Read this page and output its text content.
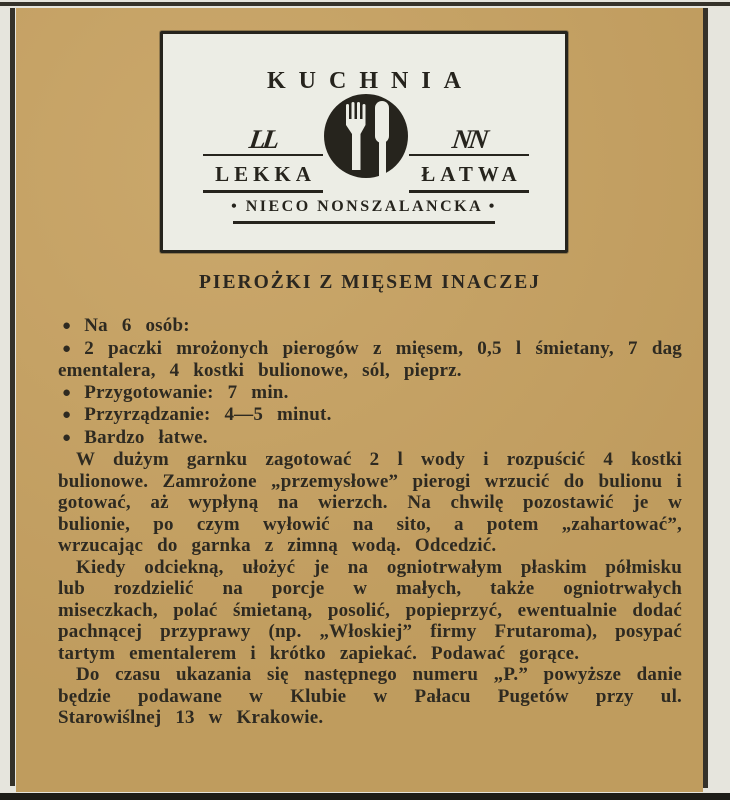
KUCHNIA
LL
LEKKA
NN
ŁATWA
• NIECO NONSZALANCKA •
PIEROŻKI Z MIĘSEM INACZEJ

● Na 6 osób:

● 2 paczki mrożonych pierogów z mięsem, 0,5 l śmietany, 7 dag ementalera, 4 kostki bulionowe, sól, pieprz.

● Przygotowanie: 7 min.

● Przyrządzanie: 4—5 minut.

● Bardzo łatwe.

W dużym garnku zagotować 2 l wody i rozpuścić 4 kostki bulionowe. Zamrożone „przemysłowe” pierogi wrzucić do bulionu i gotować, aż wypłyną na wierzch. Na chwilę pozostawić je w bulionie, po czym wyłowić na sito, a potem „zahartować”, wrzucając do garnka z zimną wodą. Odcedzić.

Kiedy odciekną, ułożyć je na ogniotrwałym płaskim półmisku lub rozdzielić na porcje w małych, także ogniotrwałych miseczkach, polać śmietaną, posolić, popieprzyć, ewentualnie dodać pachnącej przyprawy (np. „Włoskiej” firmy Frutaroma), posypać tartym ementalerem i krótko zapiekać. Podawać gorące.

Do czasu ukazania się następnego numeru „P.” powyższe danie będzie podawane w Klubie w Pałacu Pugetów przy ul. Starowiślnej 13 w Krakowie.
